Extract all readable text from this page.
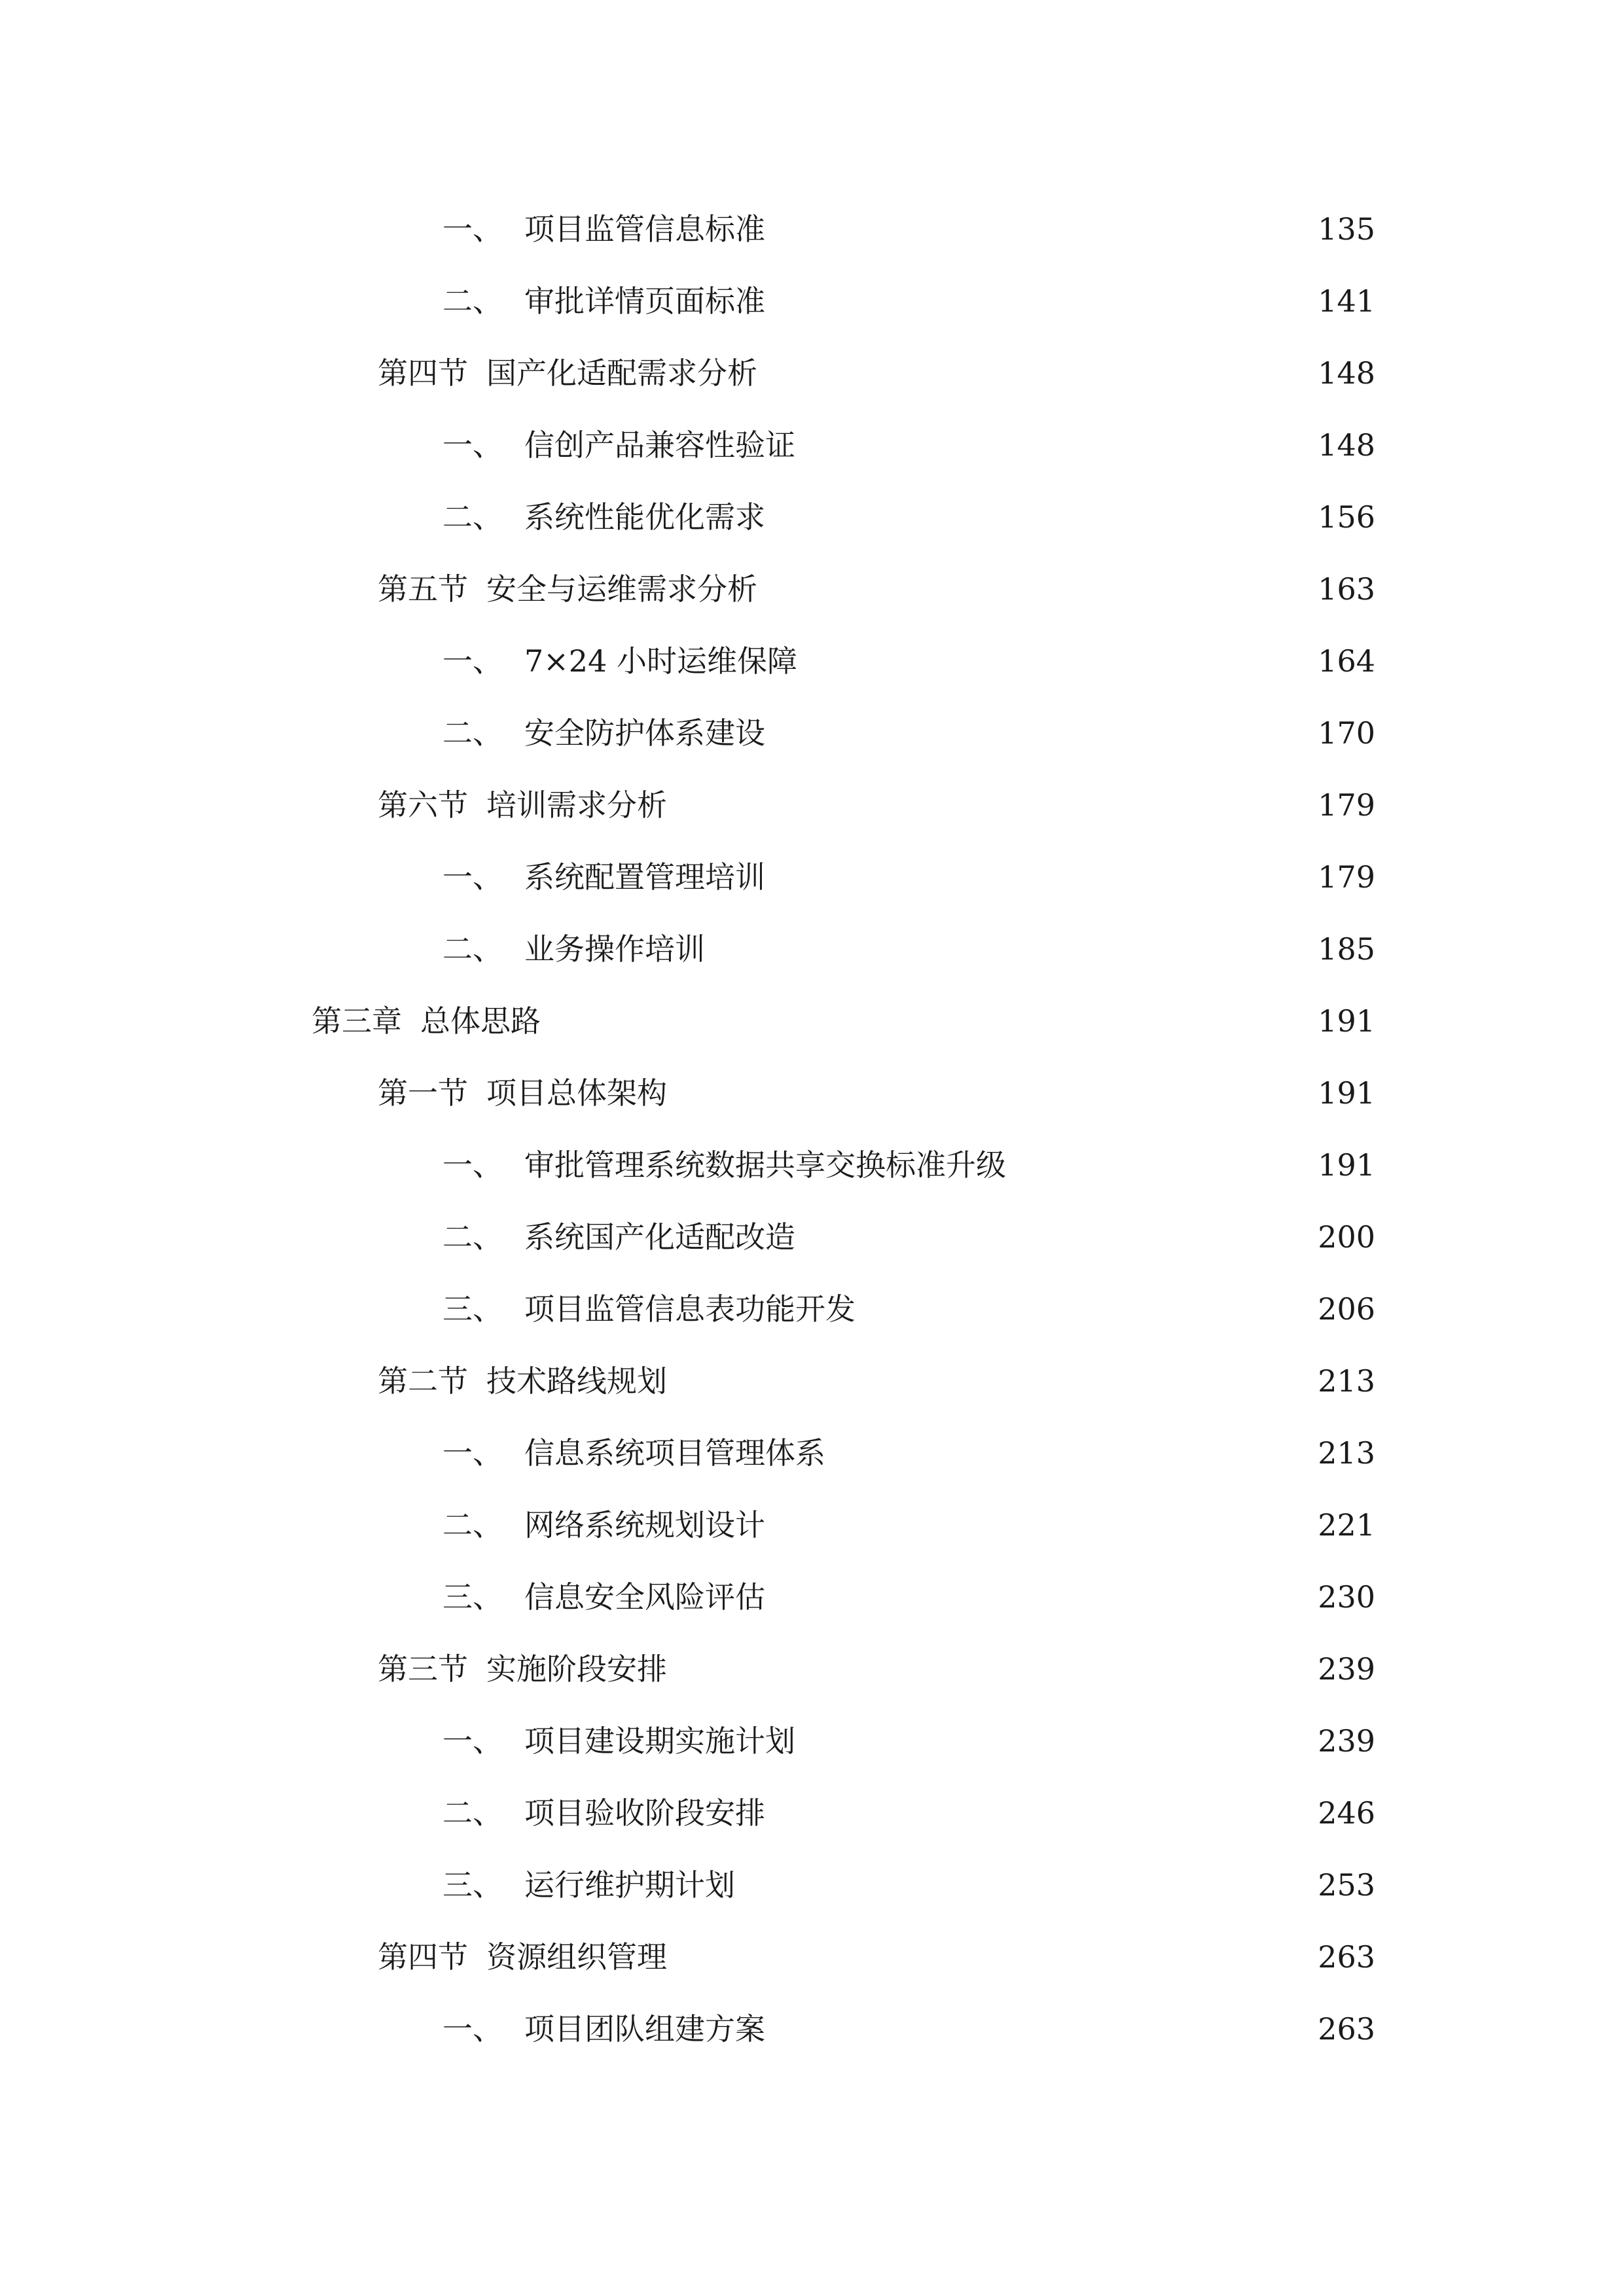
一、 项目监管信息标准	135
二、 审批详情页面标准	141
第四节 国产化适配需求分析	148
一、 信创产品兼容性验证	148
二、 系统性能优化需求	156
第五节 安全与运维需求分析	163
一、 7×24 小时运维保障	164
二、 安全防护体系建设	170
第六节 培训需求分析	179
一、 系统配置管理培训	179
二、 业务操作培训	185
第三章 总体思路	191
第一节 项目总体架构	191
一、 审批管理系统数据共享交换标准升级	191
二、 系统国产化适配改造	200
三、 项目监管信息表功能开发	206
第二节 技术路线规划	213
一、 信息系统项目管理体系	213
二、 网络系统规划设计	221
三、 信息安全风险评估	230
第三节 实施阶段安排	239
一、 项目建设期实施计划	239
二、 项目验收阶段安排	246
三、 运行维护期计划	253
第四节 资源组织管理	263
一、 项目团队组建方案	263
